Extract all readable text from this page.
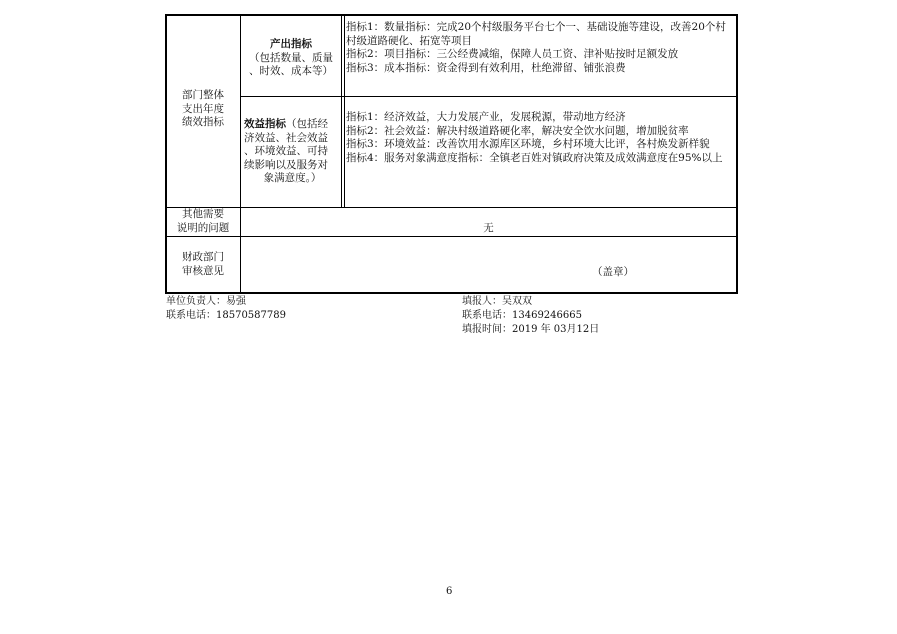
部门整体
支出年度
绩效指标
产出指标
（包括数量、质量
、时效、成本等）
指标1：数量指标：完成20个村级服务平台七个一、基础设施等建设，改善20个村村级道路硬化、拓宽等项目
指标2：项目指标：三公经费减缩，保障人员工资、津补贴按时足额发放
指标3：成本指标：资金得到有效利用，杜绝滞留、铺张浪费
效益指标（包括经
济效益、社会效益
、环境效益、可持
续影响以及服务对
象满意度。）
指标1：经济效益，大力发展产业，发展税源，带动地方经济
指标2：社会效益：解决村级道路硬化率，解决安全饮水问题，增加脱贫率
指标3：环境效益：改善饮用水源库区环境，乡村环境大比评，各村焕发新样貌
指标4：服务对象满意度指标：全镇老百姓对镇政府决策及成效满意度在95%以上
其他需要
说明的问题	无
财政部门
审核意见	（盖章）
单位负责人：易强
联系电话：18570587789
填报人：吴双双
联系电话：13469246665
填报时间：2019 年 03月12日
6
